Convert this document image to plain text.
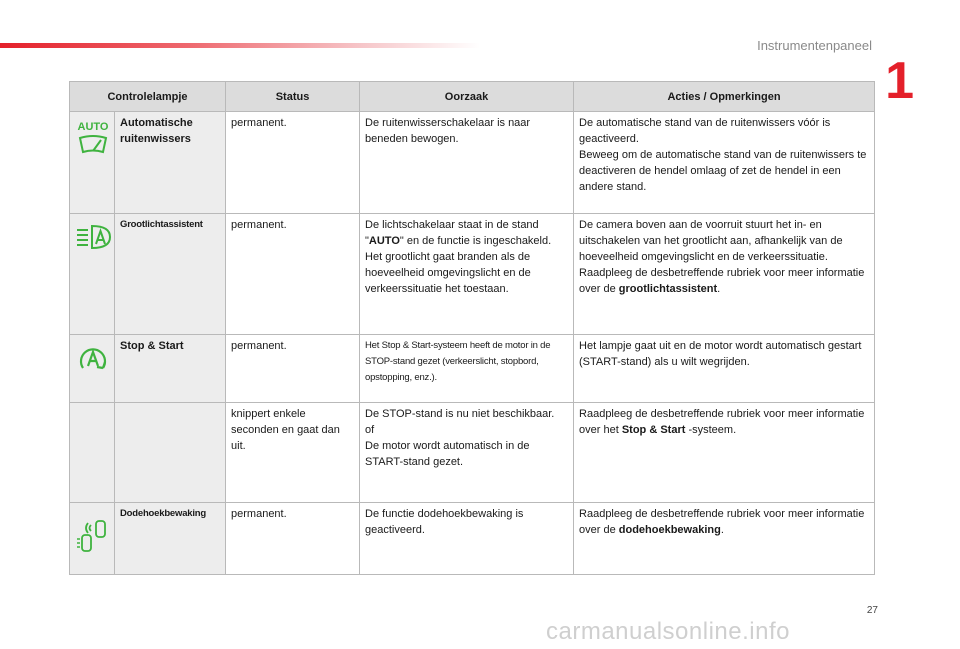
Instrumentenpaneel
1
Controlelampje		Status	Oorzaak	Acties / Opmerkingen

AUTO	Automatische ruitenwissers	permanent.	De ruitenwisserschakelaar is naar beneden bewogen.	De automatische stand van de ruitenwissers vóór is geactiveerd.
Beweeg om de automatische stand van de ruitenwissers te deactiveren de hendel omlaag of zet de hendel in een andere stand.

	Grootlichtassistent	permanent.	De lichtschakelaar staat in de stand "AUTO" en de functie is ingeschakeld.
Het grootlicht gaat branden als de hoeveelheid omgevingslicht en de verkeerssituatie het toestaan.	De camera boven aan de voorruit stuurt het in- en uitschakelen van het grootlicht aan, afhankelijk van de hoeveelheid omgevingslicht en de verkeerssituatie.
Raadpleeg de desbetreffende rubriek voor meer informatie over de grootlichtassistent.

	Stop & Start	permanent.	Het Stop & Start-systeem heeft de motor in de STOP-stand gezet (verkeerslicht, stopbord, opstopping, enz.).	Het lampje gaat uit en de motor wordt automatisch gestart (START-stand) als u wilt wegrijden.
		knippert enkele seconden en gaat dan uit.	De STOP-stand is nu niet beschikbaar.
of
De motor wordt automatisch in de START-stand gezet.	Raadpleeg de desbetreffende rubriek voor meer informatie over het Stop & Start -systeem.

	Dodehoekbewaking	permanent.	De functie dodehoekbewaking is geactiveerd.	Raadpleeg de desbetreffende rubriek voor meer informatie over de dodehoekbewaking.
27
carmanualsonline.info
